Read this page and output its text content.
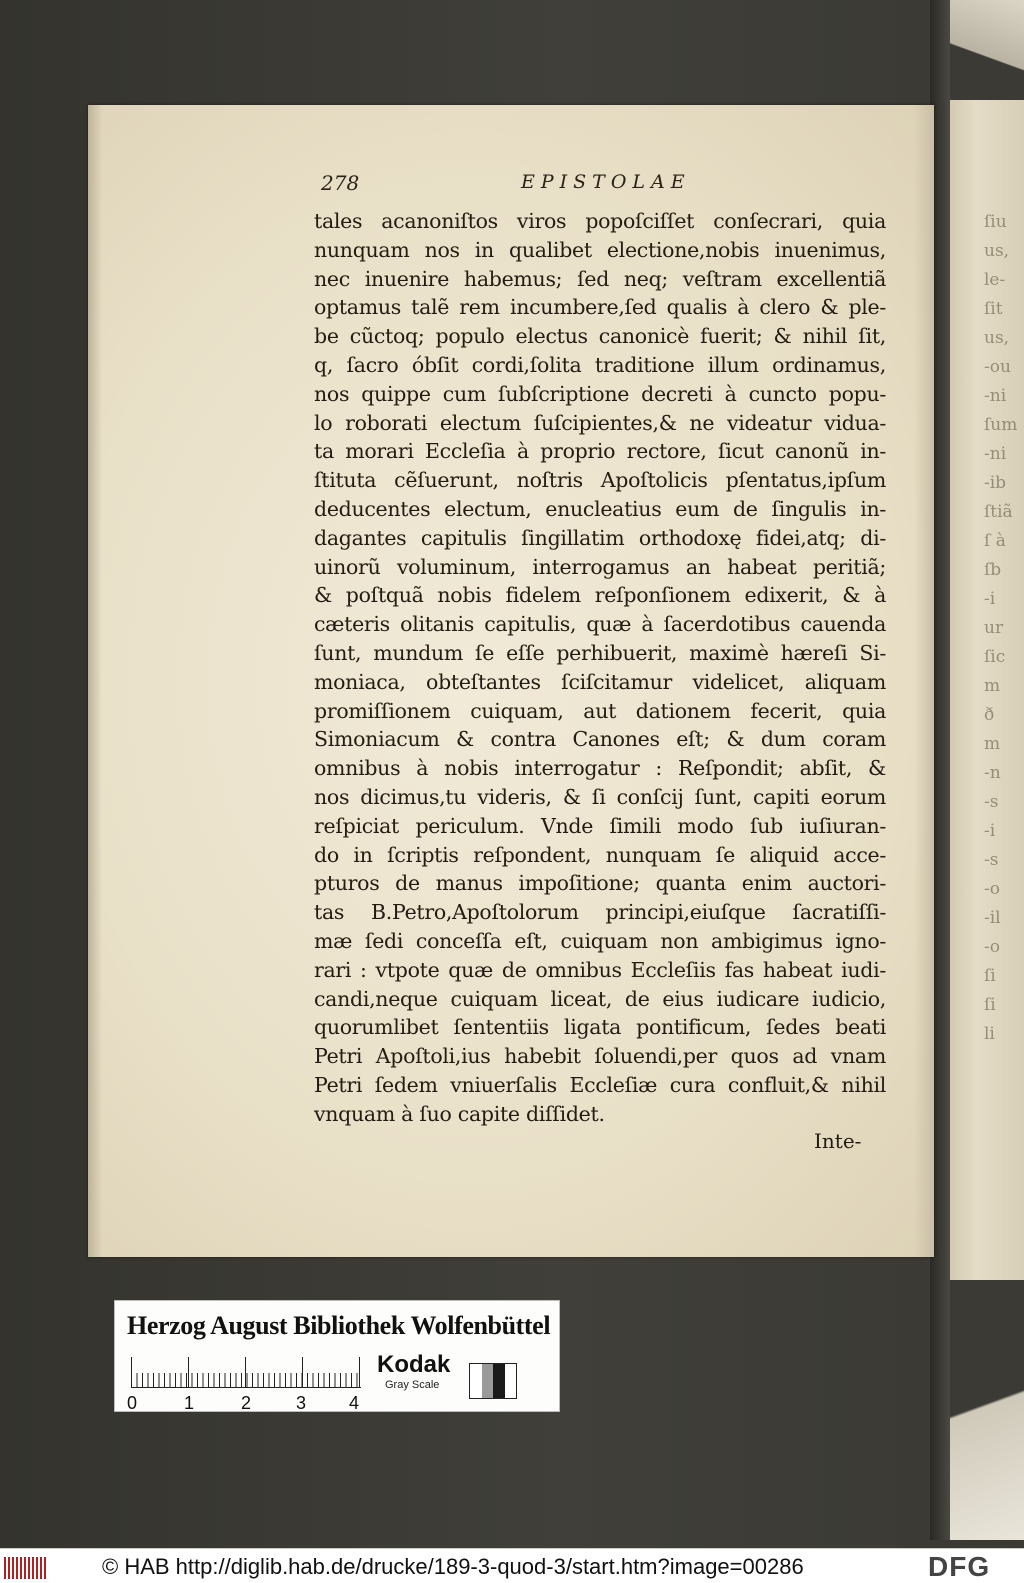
ſiu
us,
le-
ſit
us,
-ou
-ni
ſum
-ni
-ib
ſtiã
ſ à
ſb
-i
ur
ſic
m
ð
m
-n
-s
-i
-s
-o
-il
-o
ſi
ſi
li
278	EPISTOLAE
tales acanoniſtos viros popoſciſſet conſecrari, quia
nunquam nos in qualibet electione,nobis inuenimus,
nec inuenire habemus; ſed neq; veſtram excellentiã
optamus talẽ rem incumbere,ſed qualis à clero & ple-
be cũctoq; populo electus canonicè fuerit; & nihil ſit,
q, ſacro óbſit cordi,ſolita traditione illum ordinamus,
nos quippe cum ſubſcriptione decreti à cuncto popu-
lo roborati electum ſuſcipientes,& ne videatur vidua-
ta morari Eccleſia à proprio rectore, ſicut canonũ in-
ſtituta cẽſuerunt, noſtris Apoſtolicis pſentatus,ipſum
deducentes electum, enucleatius eum de ſingulis in-
dagantes capitulis ſingillatim orthodoxę fidei,atq; di-
uinorũ voluminum, interrogamus an habeat peritiã;
& poſtquã nobis fidelem reſponſionem edixerit, & à
cæteris olitanis capitulis, quæ à ſacerdotibus cauenda
ſunt, mundum ſe eſſe perhibuerit, maximè hæreſi Si-
moniaca, obteſtantes ſciſcitamur videlicet, aliquam
promiſſionem cuiquam, aut dationem fecerit, quia
Simoniacum & contra Canones eſt; & dum coram
omnibus à nobis interrogatur : Reſpondit; abſit, &
nos dicimus,tu videris, & ſi conſcij ſunt, capiti eorum
reſpiciat periculum. Vnde ſimili modo ſub iuſiuran-
do in ſcriptis reſpondent, nunquam ſe aliquid acce-
pturos de manus impoſitione; quanta enim auctori-
tas B.Petro,Apoſtolorum principi,eiuſque ſacratiſſi-
mæ ſedi conceſſa eſt, cuiquam non ambigimus igno-
rari : vtpote quæ de omnibus Eccleſiis fas habeat iudi-
candi,neque cuiquam liceat, de eius iudicare iudicio,
quorumlibet ſententiis ligata pontificum, ſedes beati
Petri Apoſtoli,ius habebit ſoluendi,per quos ad vnam
Petri ſedem vniuerſalis Eccleſiæ cura confluit,& nihil
vnquam à ſuo capite diſſidet.
Inte-
Herzog August Bibliothek Wolfenbüttel
0	1	2 3 4
Kodak
Gray Scale
© HAB http://diglib.hab.de/drucke/189-3-quod-3/start.htm?image=00286	DFG
